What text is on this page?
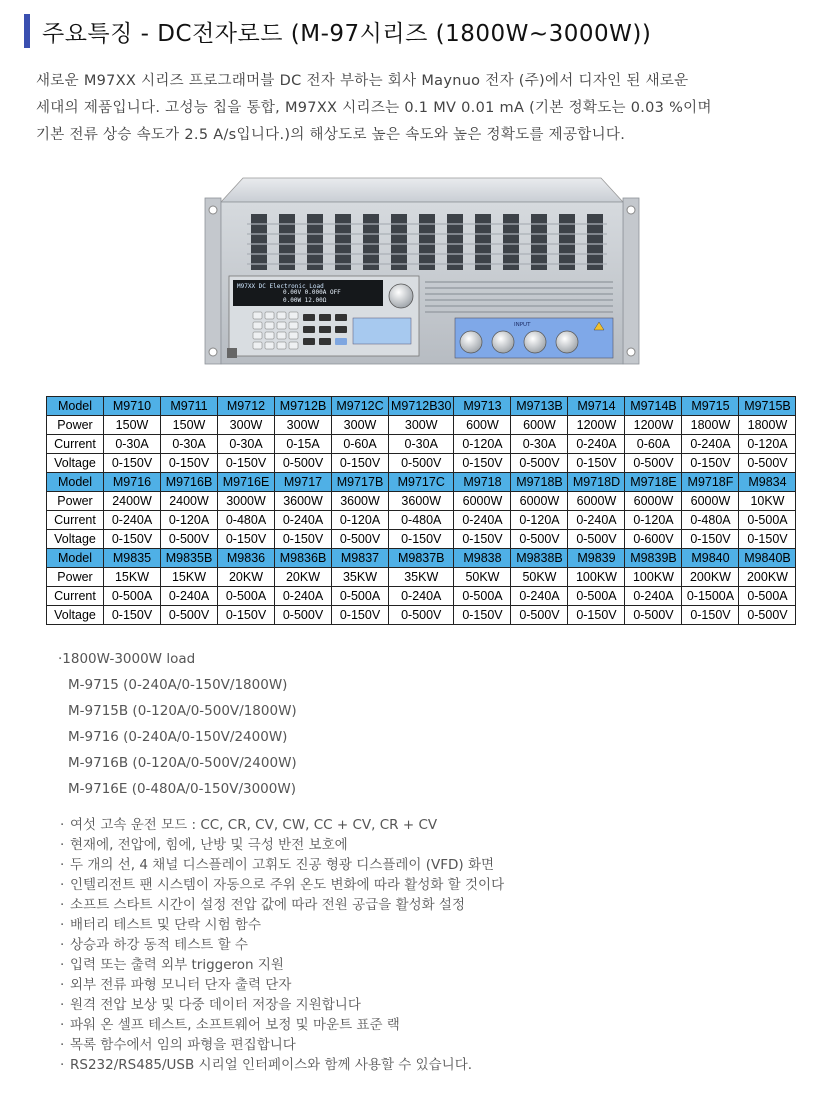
주요특징 - DC전자로드 (M-97시리즈 (1800W~3000W))

새로운 M97XX 시리즈 프로그래머블 DC 전자 부하는 회사 Maynuo 전자 (주)에서 디자인 된 새로운

세대의 제품입니다. 고성능 칩을 통합, M97XX 시리즈는 0.1 MV 0.01 mA (기본 정확도는 0.03 %이며

기본 전류 상승 속도가 2.5 A/s입니다.)의 해상도로 높은 속도와 높은 정확도를 제공합니다.

M97XX DC Electronic Load
0.00V 0.000A OFF
0.00W 12.00Ω
INPUT
Model	M9710	M9711	M9712	M9712B	M9712C	M9712B30	M9713	M9713B	M9714	M9714B	M9715	M9715B
Power	150W	150W	300W	300W	300W	300W	600W	600W	1200W	1200W	1800W	1800W
Current	0-30A	0-30A	0-30A	0-15A	0-60A	0-30A	0-120A	0-30A	0-240A	0-60A	0-240A	0-120A
Voltage	0-150V	0-150V	0-150V	0-500V	0-150V	0-500V	0-150V	0-500V	0-150V	0-500V	0-150V	0-500V
Model	M9716	M9716B	M9716E	M9717	M9717B	M9717C	M9718	M9718B	M9718D	M9718E	M9718F	M9834
Power	2400W	2400W	3000W	3600W	3600W	3600W	6000W	6000W	6000W	6000W	6000W	10KW
Current	0-240A	0-120A	0-480A	0-240A	0-120A	0-480A	0-240A	0-120A	0-240A	0-120A	0-480A	0-500A
Voltage	0-150V	0-500V	0-150V	0-150V	0-500V	0-150V	0-150V	0-500V	0-500V	0-600V	0-150V	0-150V
Model	M9835	M9835B	M9836	M9836B	M9837	M9837B	M9838	M9838B	M9839	M9839B	M9840	M9840B
Power	15KW	15KW	20KW	20KW	35KW	35KW	50KW	50KW	100KW	100KW	200KW	200KW
Current	0-500A	0-240A	0-500A	0-240A	0-500A	0-240A	0-500A	0-240A	0-500A	0-240A	0-1500A	0-500A
Voltage	0-150V	0-500V	0-150V	0-500V	0-150V	0-500V	0-150V	0-500V	0-150V	0-500V	0-150V	0-500V
·1800W-3000W load
M-9715 (0-240A/0-150V/1800W)
M-9715B (0-120A/0-500V/1800W)
M-9716 (0-240A/0-150V/2400W)
M-9716B (0-120A/0-500V/2400W)
M-9716E (0-480A/0-150V/3000W)
· 여섯 고속 운전 모드 : CC, CR, CV, CW, CC + CV, CR + CV
· 현재에, 전압에, 힘에, 난방 및 극성 반전 보호에
· 두 개의 선, 4 채널 디스플레이 고휘도 진공 형광 디스플레이 (VFD) 화면
· 인텔리전트 팬 시스템이 자동으로 주위 온도 변화에 따라 활성화 할 것이다
· 소프트 스타트 시간이 설정 전압 값에 따라 전원 공급을 활성화 설정
· 배터리 테스트 및 단락 시험 함수
· 상승과 하강 동적 테스트 할 수
· 입력 또는 출력 외부 triggeron 지원
· 외부 전류 파형 모니터 단자 출력 단자
· 원격 전압 보상 및 다중 데이터 저장을 지원합니다
· 파워 온 셀프 테스트, 소프트웨어 보정 및 마운트 표준 랙
· 목록 함수에서 임의 파형을 편집합니다
· RS232/RS485/USB 시리얼 인터페이스와 함께 사용할 수 있습니다.
